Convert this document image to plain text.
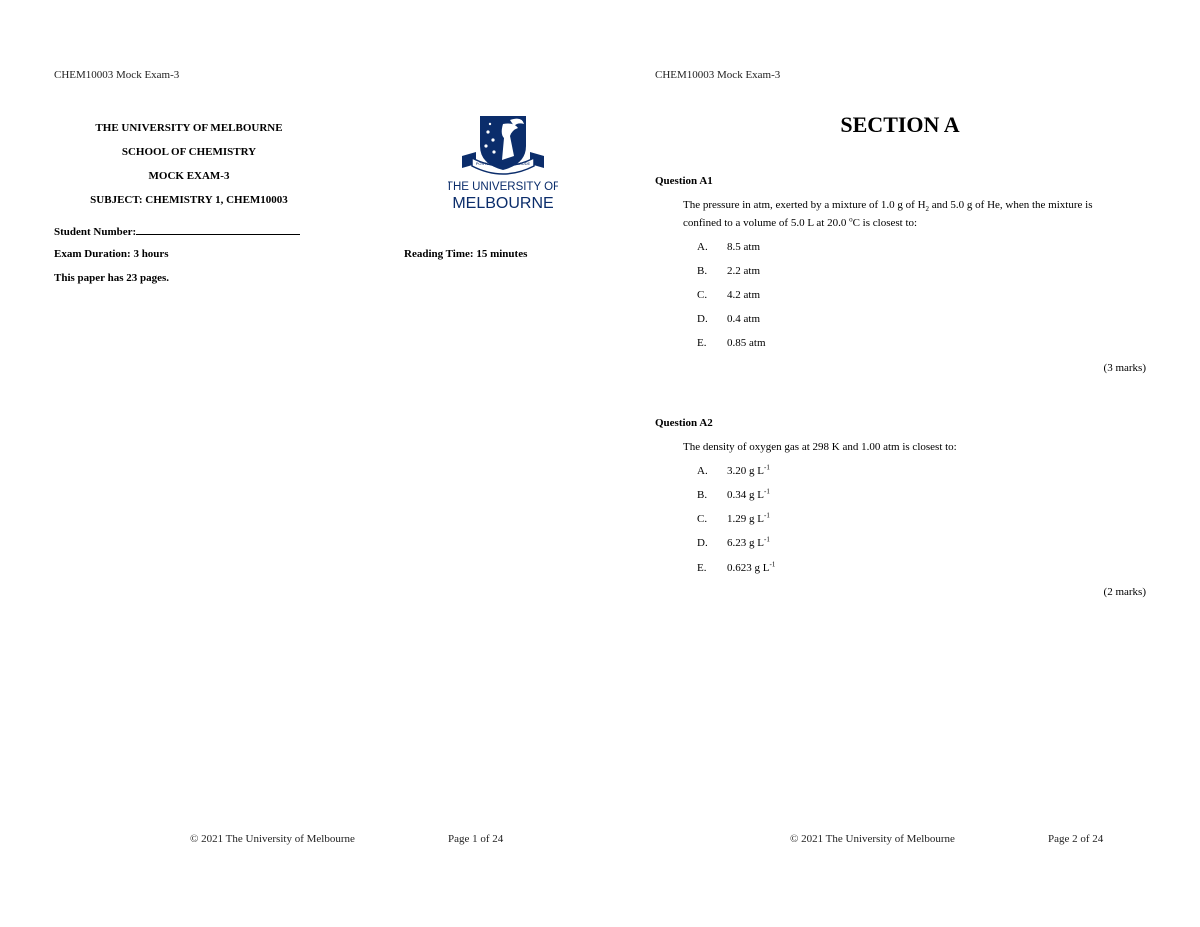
CHEM10003 Mock Exam-3
THE UNIVERSITY OF MELBOURNE
SCHOOL OF CHEMISTRY
MOCK EXAM-3
SUBJECT: CHEMISTRY 1, CHEM10003
POSTERA CRESCAM LAUDE
THE UNIVERSITY OF
MELBOURNE
Student Number:
Exam Duration: 3 hours	Reading Time: 15 minutes
This paper has 23 pages.
© 2021 The University of Melbourne	Page 1 of 24
CHEM10003 Mock Exam-3
SECTION A
Question A1
The pressure in atm, exerted by a mixture of 1.0 g of $H_2$ and 5.0 g of He, when the mixture is
confined to a volume of 5.0 L at 20.0 $^o$C is closest to:
A. 8.5 atm
B. 2.2 atm
C. 4.2 atm
D. 0.4 atm
E. 0.85 atm
(3 marks)
Question A2
The density of oxygen gas at 298 K and 1.00 atm is closest to:
A. 3.20 g $L^{-1}$
B. 0.34 g $L^{-1}$
C. 1.29 g $L^{-1}$
D. 6.23 g $L^{-1}$
E. 0.623 g $L^{-1}$
(2 marks)
© 2021 The University of Melbourne	Page 2 of 24
